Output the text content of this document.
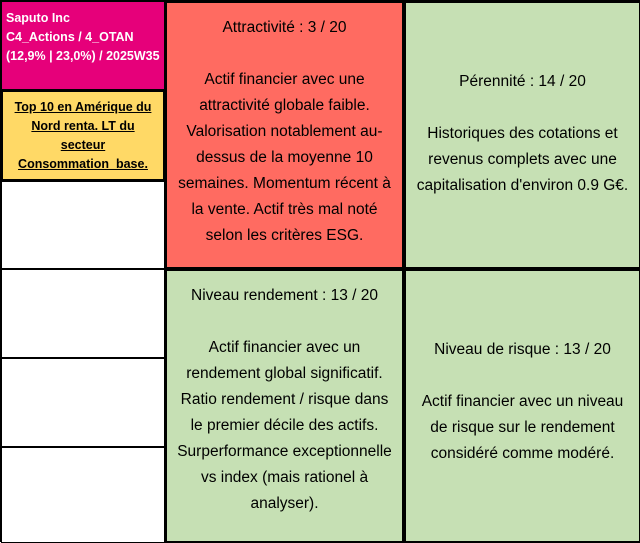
Saputo Inc
C4_Actions / 4_OTAN
(12,9% | 23,0%) / 2025W35
Top 10 en Amérique du Nord renta. LT du secteur Consommation_base.
Attractivité : 3 / 20
Actif financier avec une attractivité globale faible. Valorisation notablement au-dessus de la moyenne 10 semaines. Momentum récent à la vente. Actif très mal noté selon les critères ESG.
Pérennité : 14 / 20
Historiques des cotations et revenus complets avec une capitalisation d'environ 0.9 G€.
Niveau rendement : 13 / 20
Actif financier avec un rendement global significatif. Ratio rendement / risque dans le premier décile des actifs. Surperformance exceptionnelle vs index (mais rationel à analyser).
Niveau de risque : 13 / 20
Actif financier avec un niveau de risque sur le rendement considéré comme modéré.
